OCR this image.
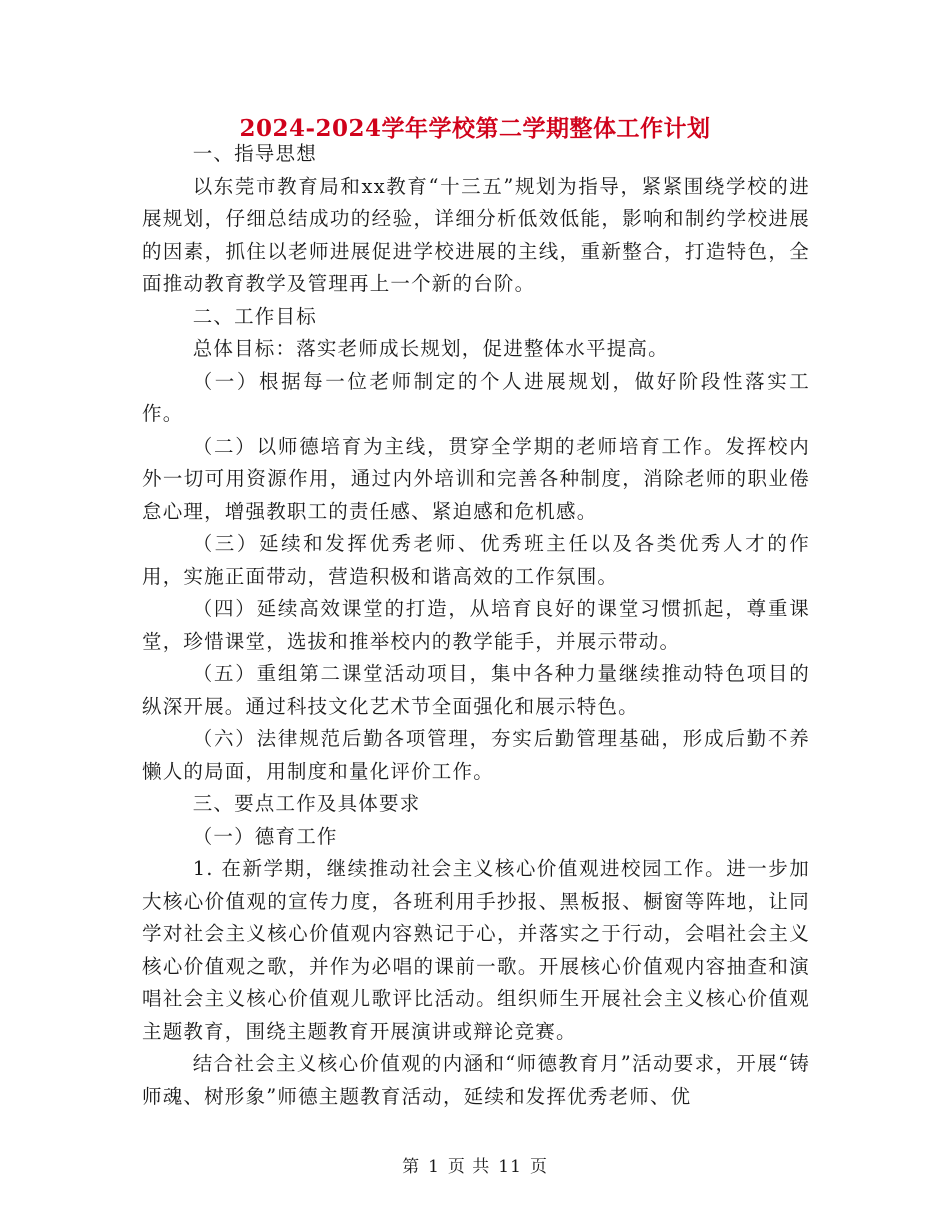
2024-2024学年学校第二学期整体工作计划

一、指导思想

以东莞市教育局和xx教育“十三五”规划为指导，紧紧围绕学校的进展规划，仔细总结成功的经验，详细分析低效低能，影响和制约学校进展的因素，抓住以老师进展促进学校进展的主线，重新整合，打造特色，全面推动教育教学及管理再上一个新的台阶。

二、工作目标

总体目标：落实老师成长规划，促进整体水平提高。

（一）根据每一位老师制定的个人进展规划，做好阶段性落实工作。

（二）以师德培育为主线，贯穿全学期的老师培育工作。发挥校内外一切可用资源作用，通过内外培训和完善各种制度，消除老师的职业倦怠心理，增强教职工的责任感、紧迫感和危机感。

（三）延续和发挥优秀老师、优秀班主任以及各类优秀人才的作用，实施正面带动，营造积极和谐高效的工作氛围。

（四）延续高效课堂的打造，从培育良好的课堂习惯抓起，尊重课堂，珍惜课堂，选拔和推举校内的教学能手，并展示带动。

（五）重组第二课堂活动项目，集中各种力量继续推动特色项目的纵深开展。通过科技文化艺术节全面强化和展示特色。

（六）法律规范后勤各项管理，夯实后勤管理基础，形成后勤不养懒人的局面，用制度和量化评价工作。

三、要点工作及具体要求

（一）德育工作

1. 在新学期，继续推动社会主义核心价值观进校园工作。进一步加大核心价值观的宣传力度，各班利用手抄报、黑板报、橱窗等阵地，让同学对社会主义核心价值观内容熟记于心，并落实之于行动，会唱社会主义核心价值观之歌，并作为必唱的课前一歌。开展核心价值观内容抽查和演唱社会主义核心价值观儿歌评比活动。组织师生开展社会主义核心价值观主题教育，围绕主题教育开展演讲或辩论竞赛。

结合社会主义核心价值观的内涵和“师德教育月”活动要求，开展“铸师魂、树形象”师德主题教育活动，延续和发挥优秀老师、优

第 1 页 共 11 页
